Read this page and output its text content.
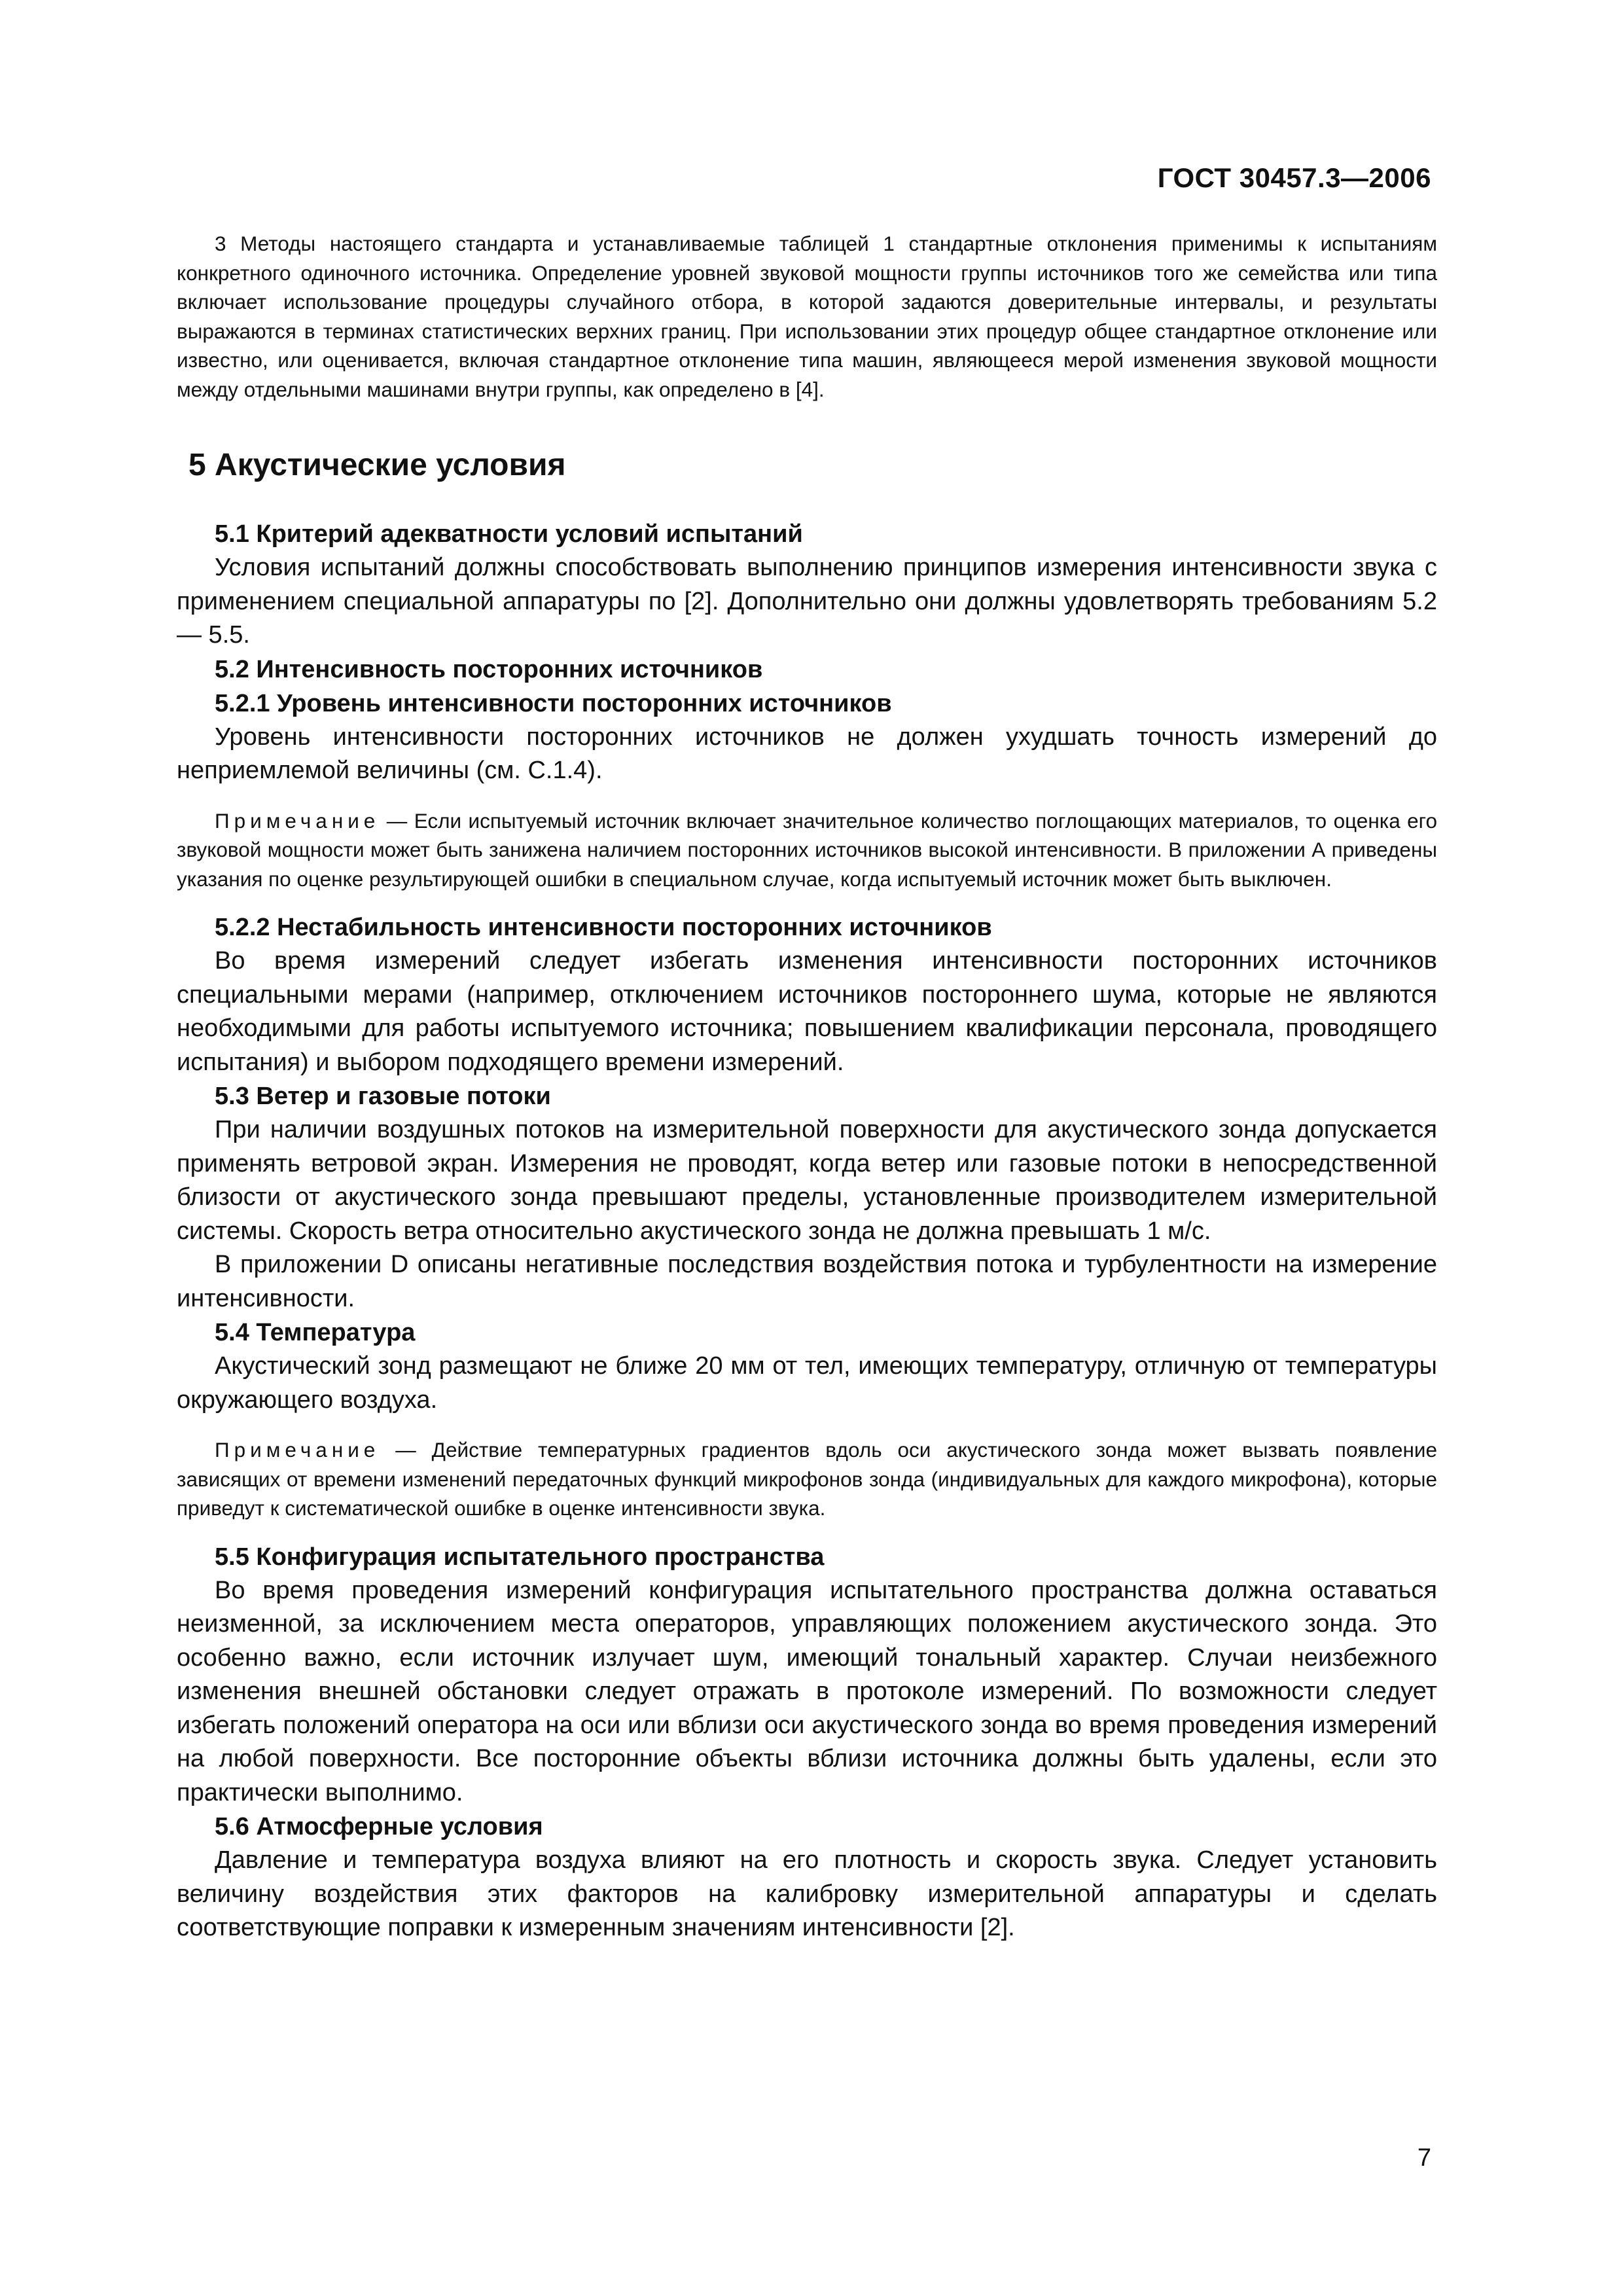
ГОСТ 30457.3—2006

3 Методы настоящего стандарта и устанавливаемые таблицей 1 стандартные отклонения применимы к испытаниям конкретного одиночного источника. Определение уровней звуковой мощности группы источников того же семейства или типа включает использование процедуры случайного отбора, в которой задаются доверительные интервалы, и результаты выражаются в терминах статистических верхних границ. При использовании этих процедур общее стандартное отклонение или известно, или оценивается, включая стандартное отклонение типа машин, являющееся мерой изменения звуковой мощности между отдельными машинами внутри группы, как определено в [4].

5 Акустические условия
5.1 Критерий адекватности условий испытаний

Условия испытаний должны способствовать выполнению принципов измерения интенсивности звука с применением специальной аппаратуры по [2]. Дополнительно они должны удовлетворять требованиям 5.2 — 5.5.

5.2 Интенсивность посторонних источников
5.2.1 Уровень интенсивности посторонних источников

Уровень интенсивности посторонних источников не должен ухудшать точность измерений до неприемлемой величины (см. С.1.4).

Примечание — Если испытуемый источник включает значительное количество поглощающих материалов, то оценка его звуковой мощности может быть занижена наличием посторонних источников высокой интенсивности. В приложении А приведены указания по оценке результирующей ошибки в специальном случае, когда испытуемый источник может быть выключен.

5.2.2 Нестабильность интенсивности посторонних источников

Во время измерений следует избегать изменения интенсивности посторонних источников специальными мерами (например, отключением источников постороннего шума, которые не являются необходимыми для работы испытуемого источника; повышением квалификации персонала, проводящего испытания) и выбором подходящего времени измерений.

5.3 Ветер и газовые потоки

При наличии воздушных потоков на измерительной поверхности для акустического зонда допускается применять ветровой экран. Измерения не проводят, когда ветер или газовые потоки в непосредственной близости от акустического зонда превышают пределы, установленные производителем измерительной системы. Скорость ветра относительно акустического зонда не должна превышать 1 м/с.

В приложении D описаны негативные последствия воздействия потока и турбулентности на измерение интенсивности.

5.4 Температура

Акустический зонд размещают не ближе 20 мм от тел, имеющих температуру, отличную от температуры окружающего воздуха.

Примечание — Действие температурных градиентов вдоль оси акустического зонда может вызвать появление зависящих от времени изменений передаточных функций микрофонов зонда (индивидуальных для каждого микрофона), которые приведут к систематической ошибке в оценке интенсивности звука.

5.5 Конфигурация испытательного пространства

Во время проведения измерений конфигурация испытательного пространства должна оставаться неизменной, за исключением места операторов, управляющих положением акустического зонда. Это особенно важно, если источник излучает шум, имеющий тональный характер. Случаи неизбежного изменения внешней обстановки следует отражать в протоколе измерений. По возможности следует избегать положений оператора на оси или вблизи оси акустического зонда во время проведения измерений на любой поверхности. Все посторонние объекты вблизи источника должны быть удалены, если это практически выполнимо.

5.6 Атмосферные условия

Давление и температура воздуха влияют на его плотность и скорость звука. Следует установить величину воздействия этих факторов на калибровку измерительной аппаратуры и сделать соответствующие поправки к измеренным значениям интенсивности [2].

7
